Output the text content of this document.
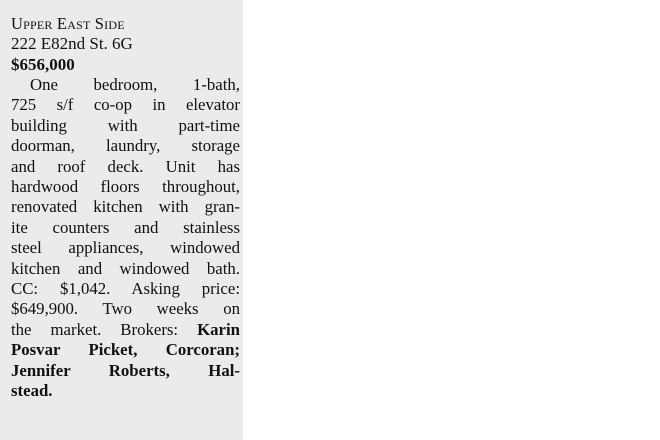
Upper East Side
222 E82nd St. 6G
$656,000
One bedroom, 1-bath,
725 s/f co-op in elevator
building with part-time
doorman, laundry, storage
and roof deck. Unit has
hardwood floors throughout,
renovated kitchen with gran-
ite counters and stainless
steel appliances, windowed
kitchen and windowed bath.
CC: $1,042. Asking price:
$649,900. Two weeks on
the market. Brokers: Karin
Posvar Picket, Corcoran;
Jennifer Roberts, Hal-
stead.
